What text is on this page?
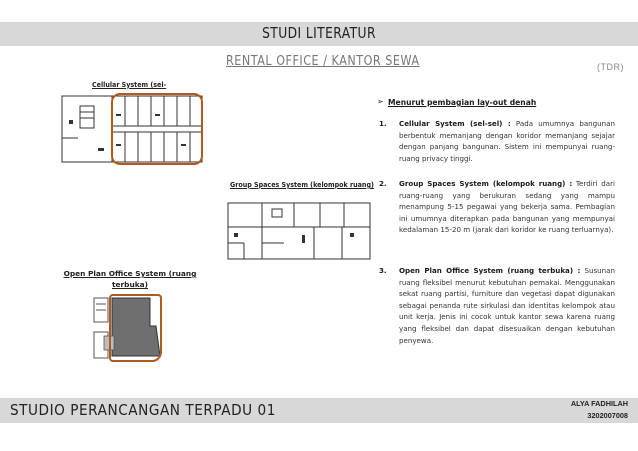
STUDI LITERATUR
RENTAL OFFICE / KANTOR SEWA	(TDR)
Cellular System (sel-
Group Spaces System (kelompok ruang)
Open Plan Office System (ruang
terbuka)
➢ Menurut pembagian lay-out denah
1. Cellular System (sel-sel) : Pada umumnya bangunan berbentuk memanjang dengan koridor memanjang sejajar dengan panjang bangunan. Sistem ini mempunyai ruang-ruang privacy tinggi.
2. Group Spaces System (kelompok ruang) : Terdiri dari ruang-ruang yang berukuran sedang yang mampu menampung 5-15 pegawai yang bekerja sama. Pembagian ini umumnya diterapkan pada bangunan yang mempunyai kedalaman 15-20 m (jarak dari koridor ke ruang terluarnya).
3. Open Plan Office System (ruang terbuka) : Susunan ruang fleksibel menurut kebutuhan pemakai. Menggunakan sekat ruang partisi, furniture dan vegetasi dapat digunakan sebagai penanda rute sirkulasi dan identitas kelompok atau unit kerja. Jenis ini cocok untuk kantor sewa karena ruang yang fleksibel dan dapat disesuaikan dengan kebutuhan penyewa.
STUDIO PERANCANGAN TERPADU 01	ALYA FADHILAH
3202007008
